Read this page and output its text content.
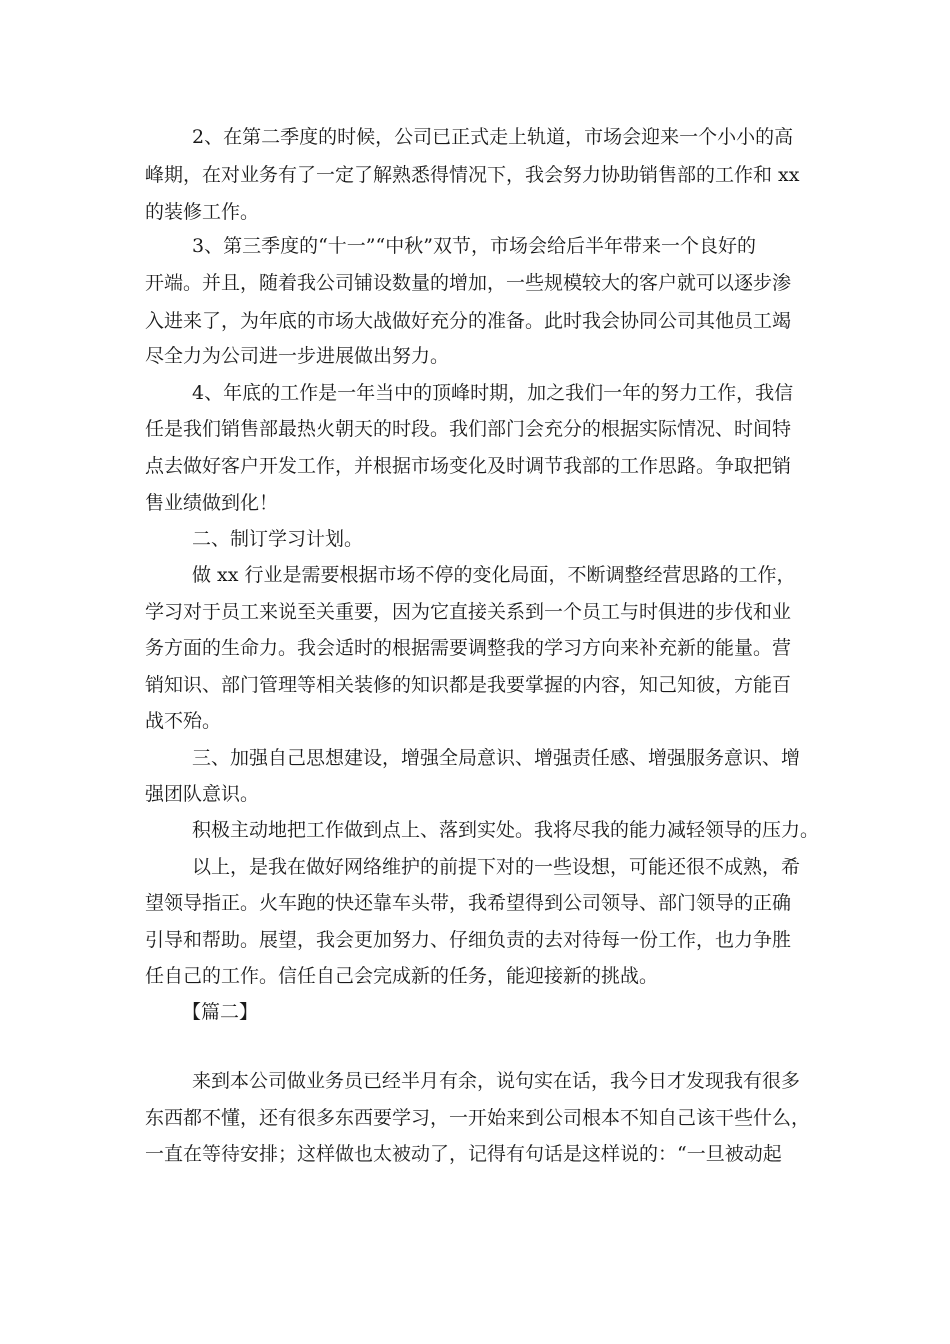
2、在第二季度的时候，公司已正式走上轨道，市场会迎来一个小小的高
峰期，在对业务有了一定了解熟悉得情况下，我会努力协助销售部的工作和 xx
的装修工作。
3、第三季度的“十一”“中秋”双节，市场会给后半年带来一个良好的
开端。并且，随着我公司铺设数量的增加，一些规模较大的客户就可以逐步渗
入进来了，为年底的市场大战做好充分的准备。此时我会协同公司其他员工竭
尽全力为公司进一步进展做出努力。
4、年底的工作是一年当中的顶峰时期，加之我们一年的努力工作，我信
任是我们销售部最热火朝天的时段。我们部门会充分的根据实际情况、时间特
点去做好客户开发工作，并根据市场变化及时调节我部的工作思路。争取把销
售业绩做到化！
二、制订学习计划。
做 xx 行业是需要根据市场不停的变化局面，不断调整经营思路的工作，
学习对于员工来说至关重要，因为它直接关系到一个员工与时俱进的步伐和业
务方面的生命力。我会适时的根据需要调整我的学习方向来补充新的能量。营
销知识、部门管理等相关装修的知识都是我要掌握的内容，知己知彼，方能百
战不殆。
三、加强自己思想建设，增强全局意识、增强责任感、增强服务意识、增
强团队意识。
积极主动地把工作做到点上、落到实处。我将尽我的能力减轻领导的压力。
以上，是我在做好网络维护的前提下对的一些设想，可能还很不成熟，希
望领导指正。火车跑的快还靠车头带，我希望得到公司领导、部门领导的正确
引导和帮助。展望，我会更加努力、仔细负责的去对待每一份工作，也力争胜
任自己的工作。信任自己会完成新的任务，能迎接新的挑战。
【篇二】
来到本公司做业务员已经半月有余，说句实在话，我今日才发现我有很多
东西都不懂，还有很多东西要学习，一开始来到公司根本不知自己该干些什么，
一直在等待安排；这样做也太被动了，记得有句话是这样说的：“一旦被动起
